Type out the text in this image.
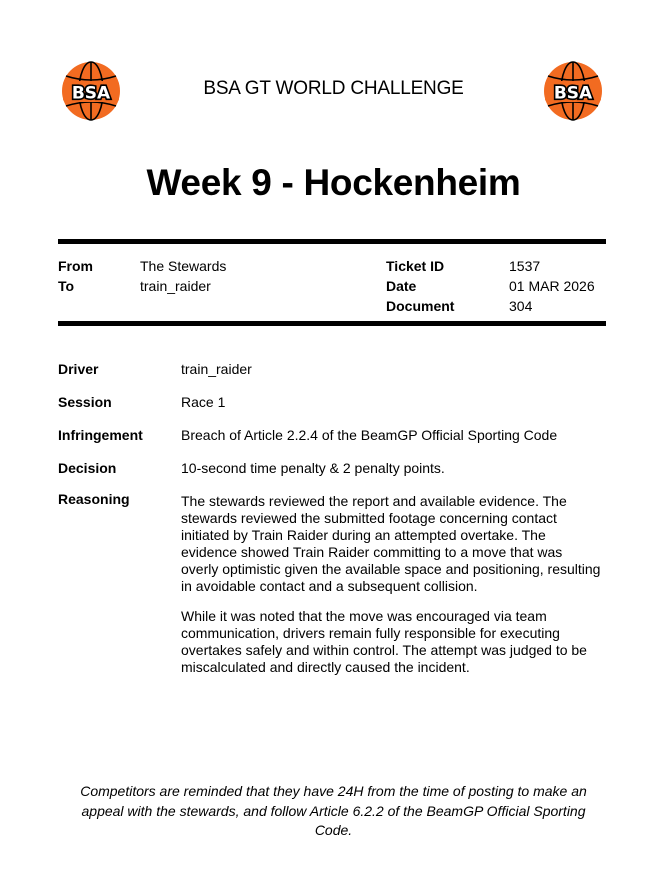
BSA	BSA GT WORLD CHALLENGE	BSA
Week 9 - Hockenheim
From	The Stewards
To	train_raider
Ticket ID	1537
Date	01 MAR 2026
Document	304
Driver	train_raider
Session	Race 1
Infringement	Breach of Article 2.2.4 of the BeamGP Official Sporting Code
Decision	10-second time penalty & 2 penalty points.
Reasoning	The stewards reviewed the report and available evidence. The stewards reviewed the submitted footage concerning contact initiated by Train Raider during an attempted overtake. The evidence showed Train Raider committing to a move that was overly optimistic given the available space and positioning, resulting in avoidable contact and a subsequent collision.

While it was noted that the move was encouraged via team communication, drivers remain fully responsible for executing overtakes safely and within control. The attempt was judged to be miscalculated and directly caused the incident.

Competitors are reminded that they have 24H from the time of posting to make an appeal with the stewards, and follow Article 6.2.2 of the BeamGP Official Sporting Code.
